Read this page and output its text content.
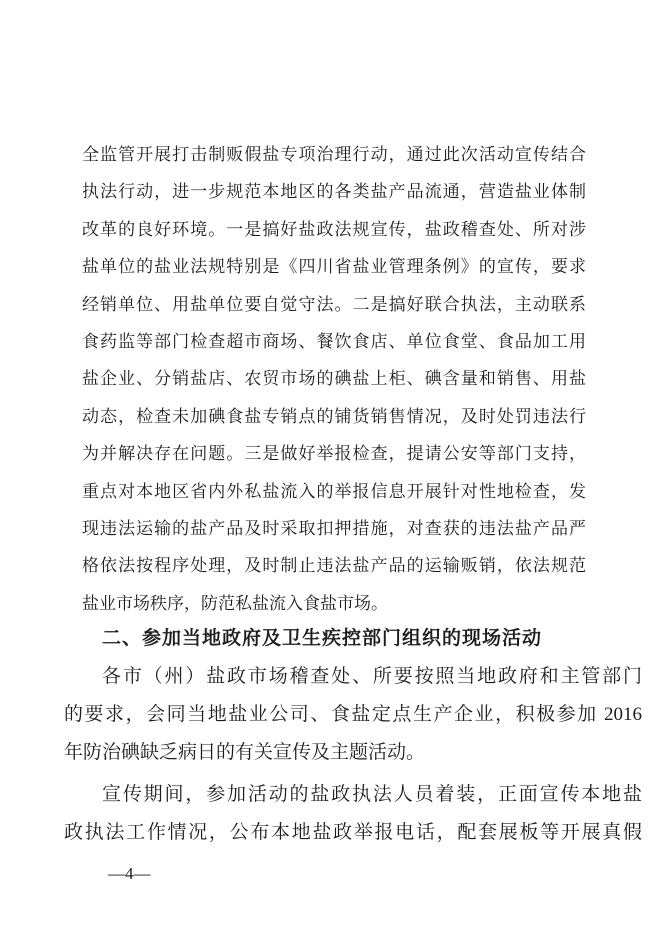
全监管开展打击制贩假盐专项治理行动，通过此次活动宣传结合
执法行动，进一步规范本地区的各类盐产品流通，营造盐业体制
改革的良好环境。一是搞好盐政法规宣传，盐政稽查处、所对涉
盐单位的盐业法规特别是《四川省盐业管理条例》的宣传，要求
经销单位、用盐单位要自觉守法。二是搞好联合执法，主动联系
食药监等部门检查超市商场、餐饮食店、单位食堂、食品加工用
盐企业、分销盐店、农贸市场的碘盐上柜、碘含量和销售、用盐
动态，检查未加碘食盐专销点的铺货销售情况，及时处罚违法行
为并解决存在问题。三是做好举报检查，提请公安等部门支持，
重点对本地区省内外私盐流入的举报信息开展针对性地检查，发
现违法运输的盐产品及时采取扣押措施，对查获的违法盐产品严
格依法按程序处理，及时制止违法盐产品的运输贩销，依法规范
盐业市场秩序，防范私盐流入食盐市场。
二、参加当地政府及卫生疾控部门组织的现场活动
各市（州）盐政市场稽查处、所要按照当地政府和主管部门
的要求，会同当地盐业公司、食盐定点生产企业，积极参加 2016
年防治碘缺乏病日的有关宣传及主题活动。
宣传期间，参加活动的盐政执法人员着装，正面宣传本地盐
政执法工作情况，公布本地盐政举报电话，配套展板等开展真假
—4—
